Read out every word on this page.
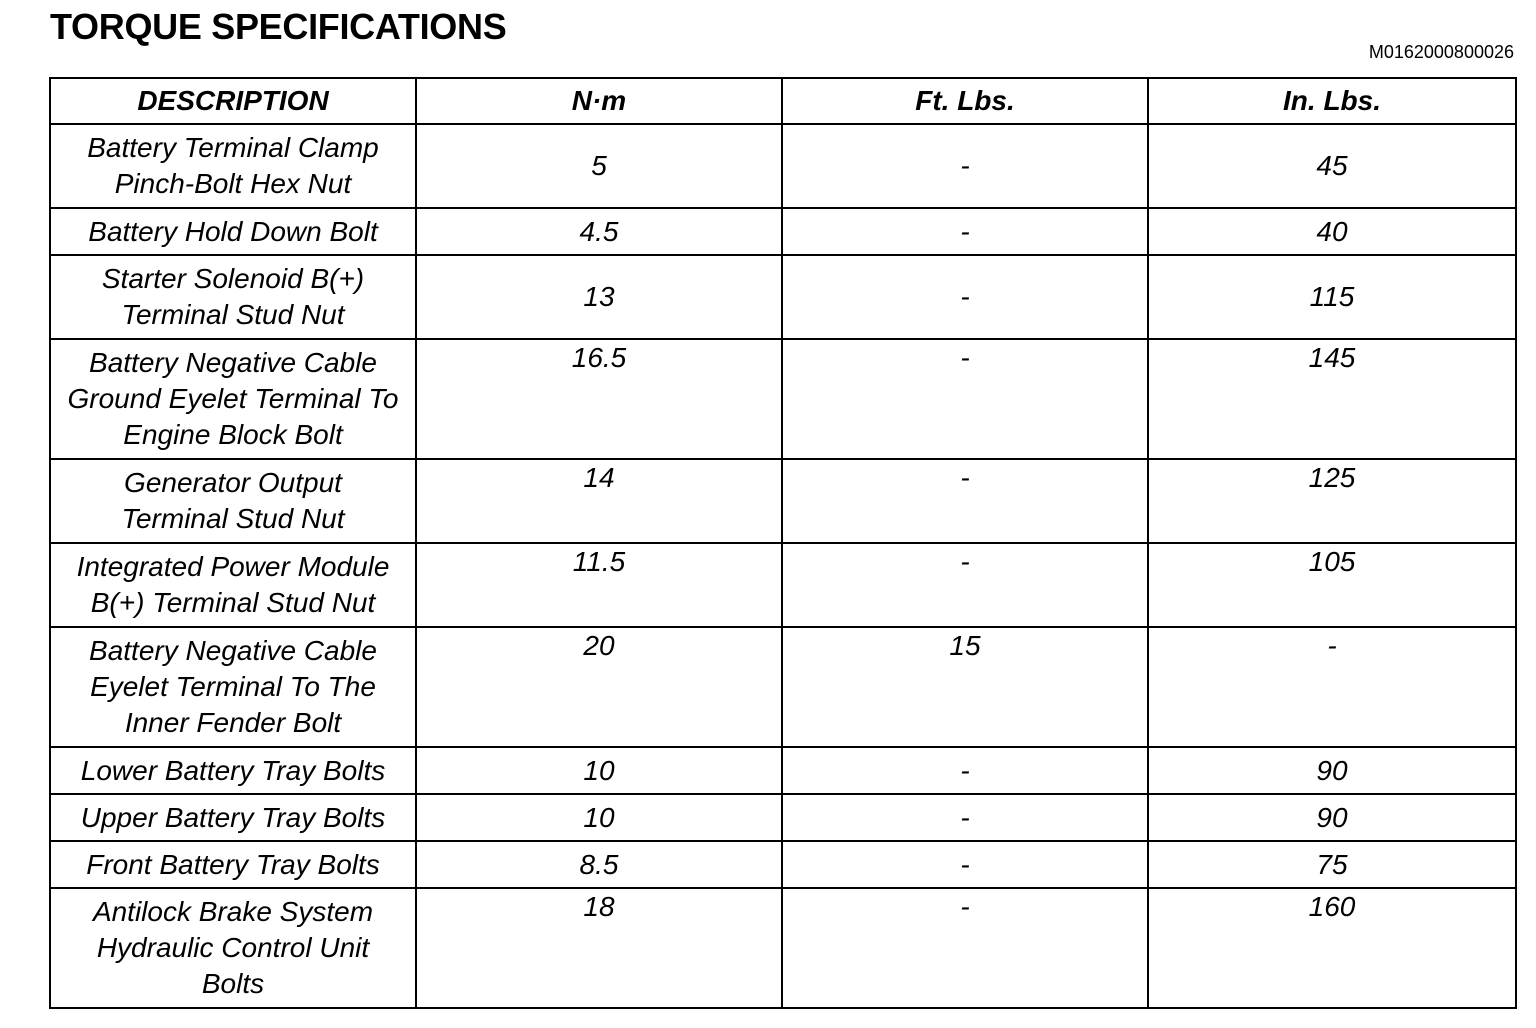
TORQUE SPECIFICATIONS
M0162000800026
DESCRIPTION	N·m	Ft. Lbs.	In. Lbs.
Battery Terminal Clamp Pinch-Bolt Hex Nut	5	-	45
Battery Hold Down Bolt	4.5	-	40
Starter Solenoid B(+) Terminal Stud Nut	13	-	115
Battery Negative Cable Ground Eyelet Terminal To Engine Block Bolt	16.5	-	145
Generator Output Terminal Stud Nut	14	-	125
Integrated Power Module B(+) Terminal Stud Nut	11.5	-	105
Battery Negative Cable Eyelet Terminal To The Inner Fender Bolt	20	15	-
Lower Battery Tray Bolts	10	-	90
Upper Battery Tray Bolts	10	-	90
Front Battery Tray Bolts	8.5	-	75
Antilock Brake System Hydraulic Control Unit Bolts	18	-	160
